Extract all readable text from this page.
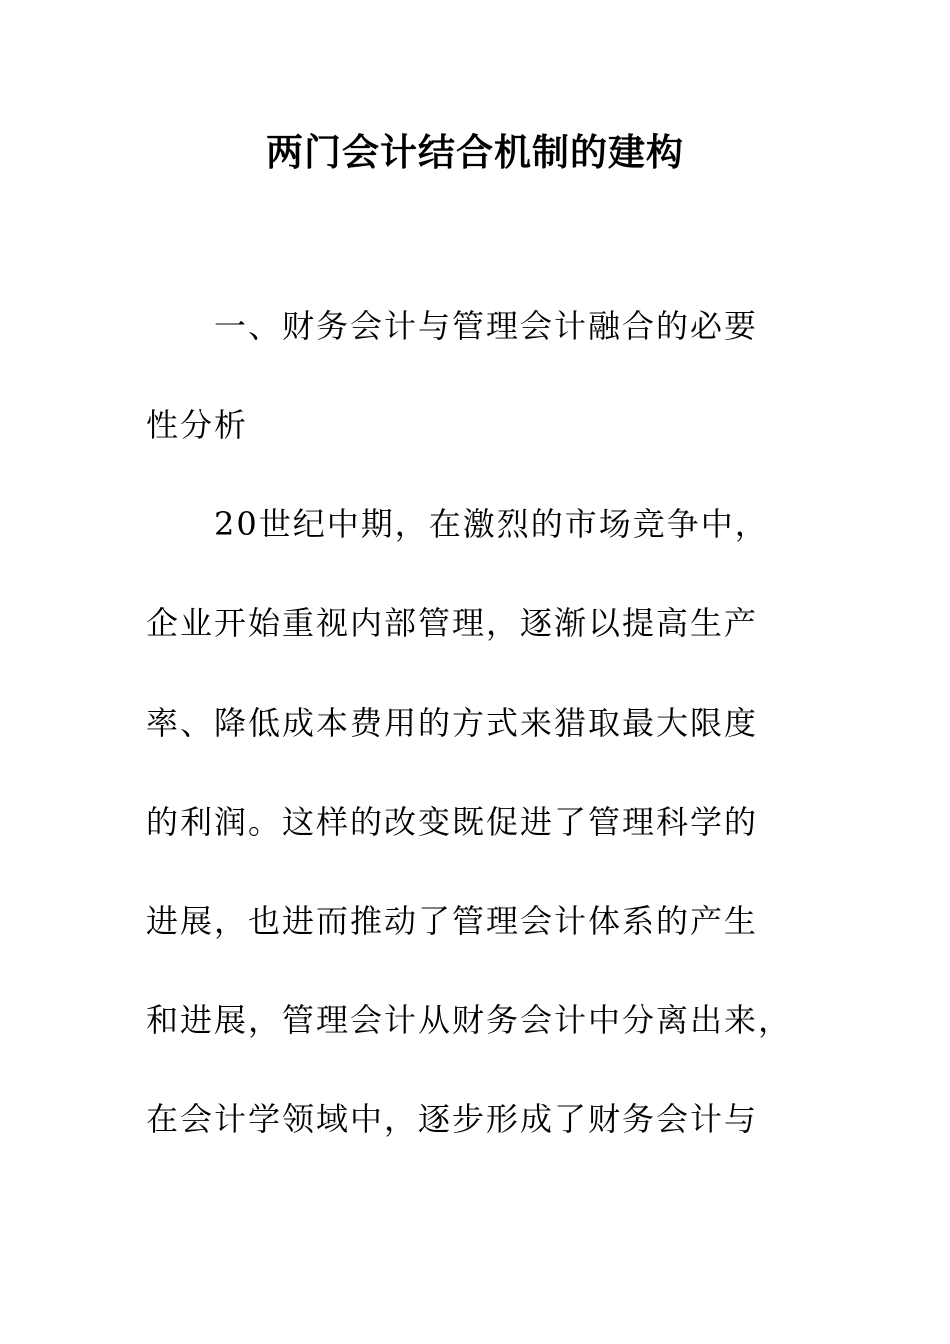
两门会计结合机制的建构

一、财务会计与管理会计融合的必要

性分析

20世纪中期，在激烈的市场竞争中，

企业开始重视内部管理，逐渐以提高生产

率、降低成本费用的方式来猎取最大限度

的利润。这样的改变既促进了管理科学的

进展，也进而推动了管理会计体系的产生

和进展，管理会计从财务会计中分离出来，

在会计学领域中，逐步形成了财务会计与
